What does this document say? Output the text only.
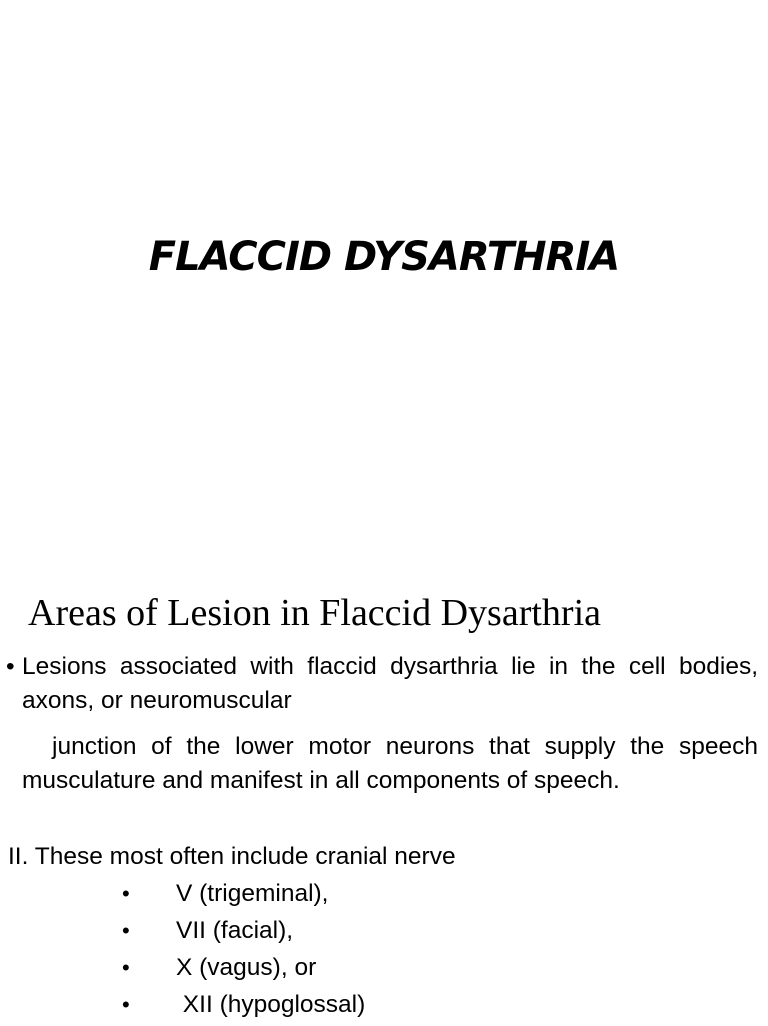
FLACCID DYSARTHRIA
Areas of Lesion in Flaccid Dysarthria

• Lesions associated with flaccid dysarthria lie in the cell bodies, axons, or neuromuscular

junction of the lower motor neurons that supply the speech musculature and manifest in all components of speech.

II. These most often include cranial nerve

• V (trigeminal),
• VII (facial),
• X (vagus), or
• XII (hypoglossal)
